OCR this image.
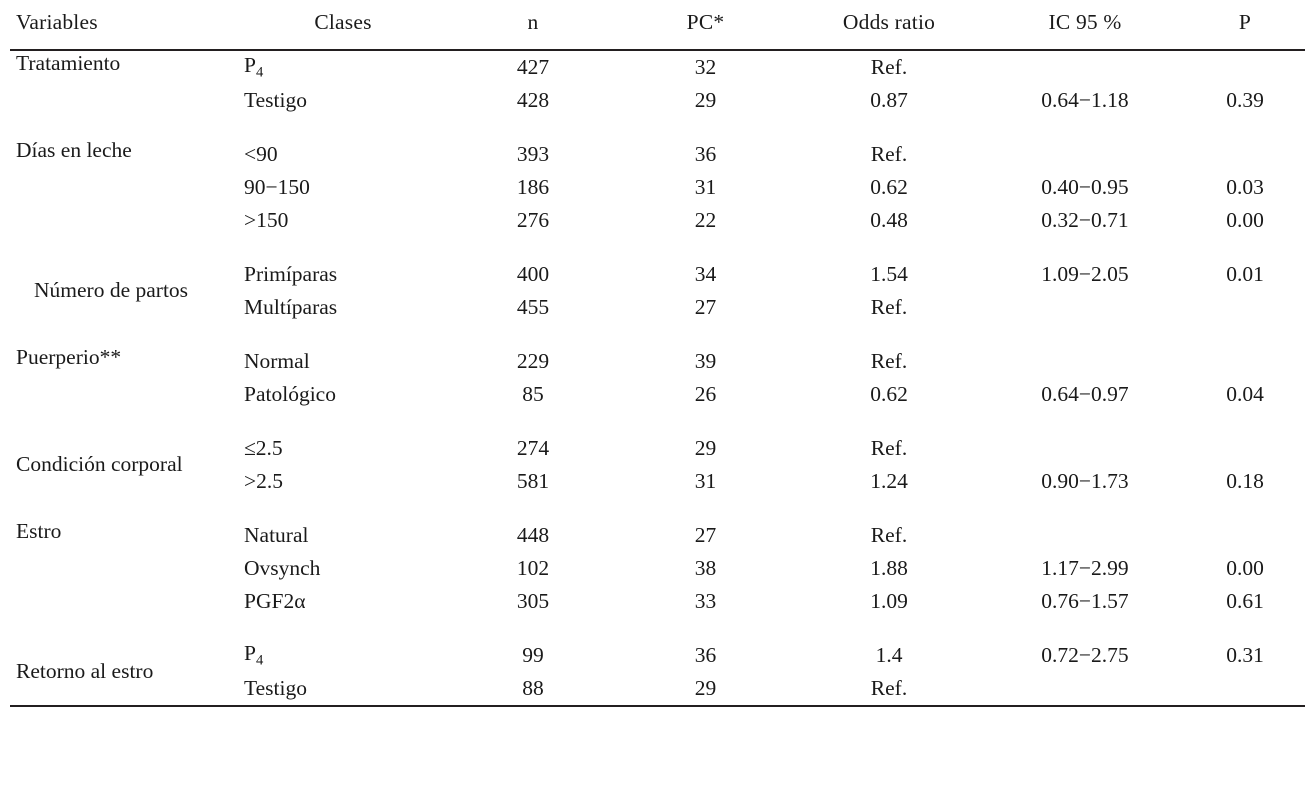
Variables	Clases	n	PC*	Odds ratio	IC 95 %	P
Tratamiento	$P_4$	427	32	Ref.		
	Testigo	428	29	0.87	0.64−1.18	0.39

Días en leche	<90	393	36	Ref.		
	90−150	186	31	0.62	0.40−0.95	0.03
	>150	276	22	0.48	0.32−0.71	0.00

Número de partos	Primíparas	400	34	1.54	1.09−2.05	0.01
	Multíparas	455	27	Ref.		

Puerperio**	Normal	229	39	Ref.		
	Patológico	85	26	0.62	0.64−0.97	0.04

Condición corporal	≤2.5	274	29	Ref.		
	>2.5	581	31	1.24	0.90−1.73	0.18

Estro	Natural	448	27	Ref.		
	Ovsynch	102	38	1.88	1.17−2.99	0.00
	PGF2α	305	33	1.09	0.76−1.57	0.61

Retorno al estro	$P_4$	99	36	1.4	0.72−2.75	0.31
	Testigo	88	29	Ref.		
